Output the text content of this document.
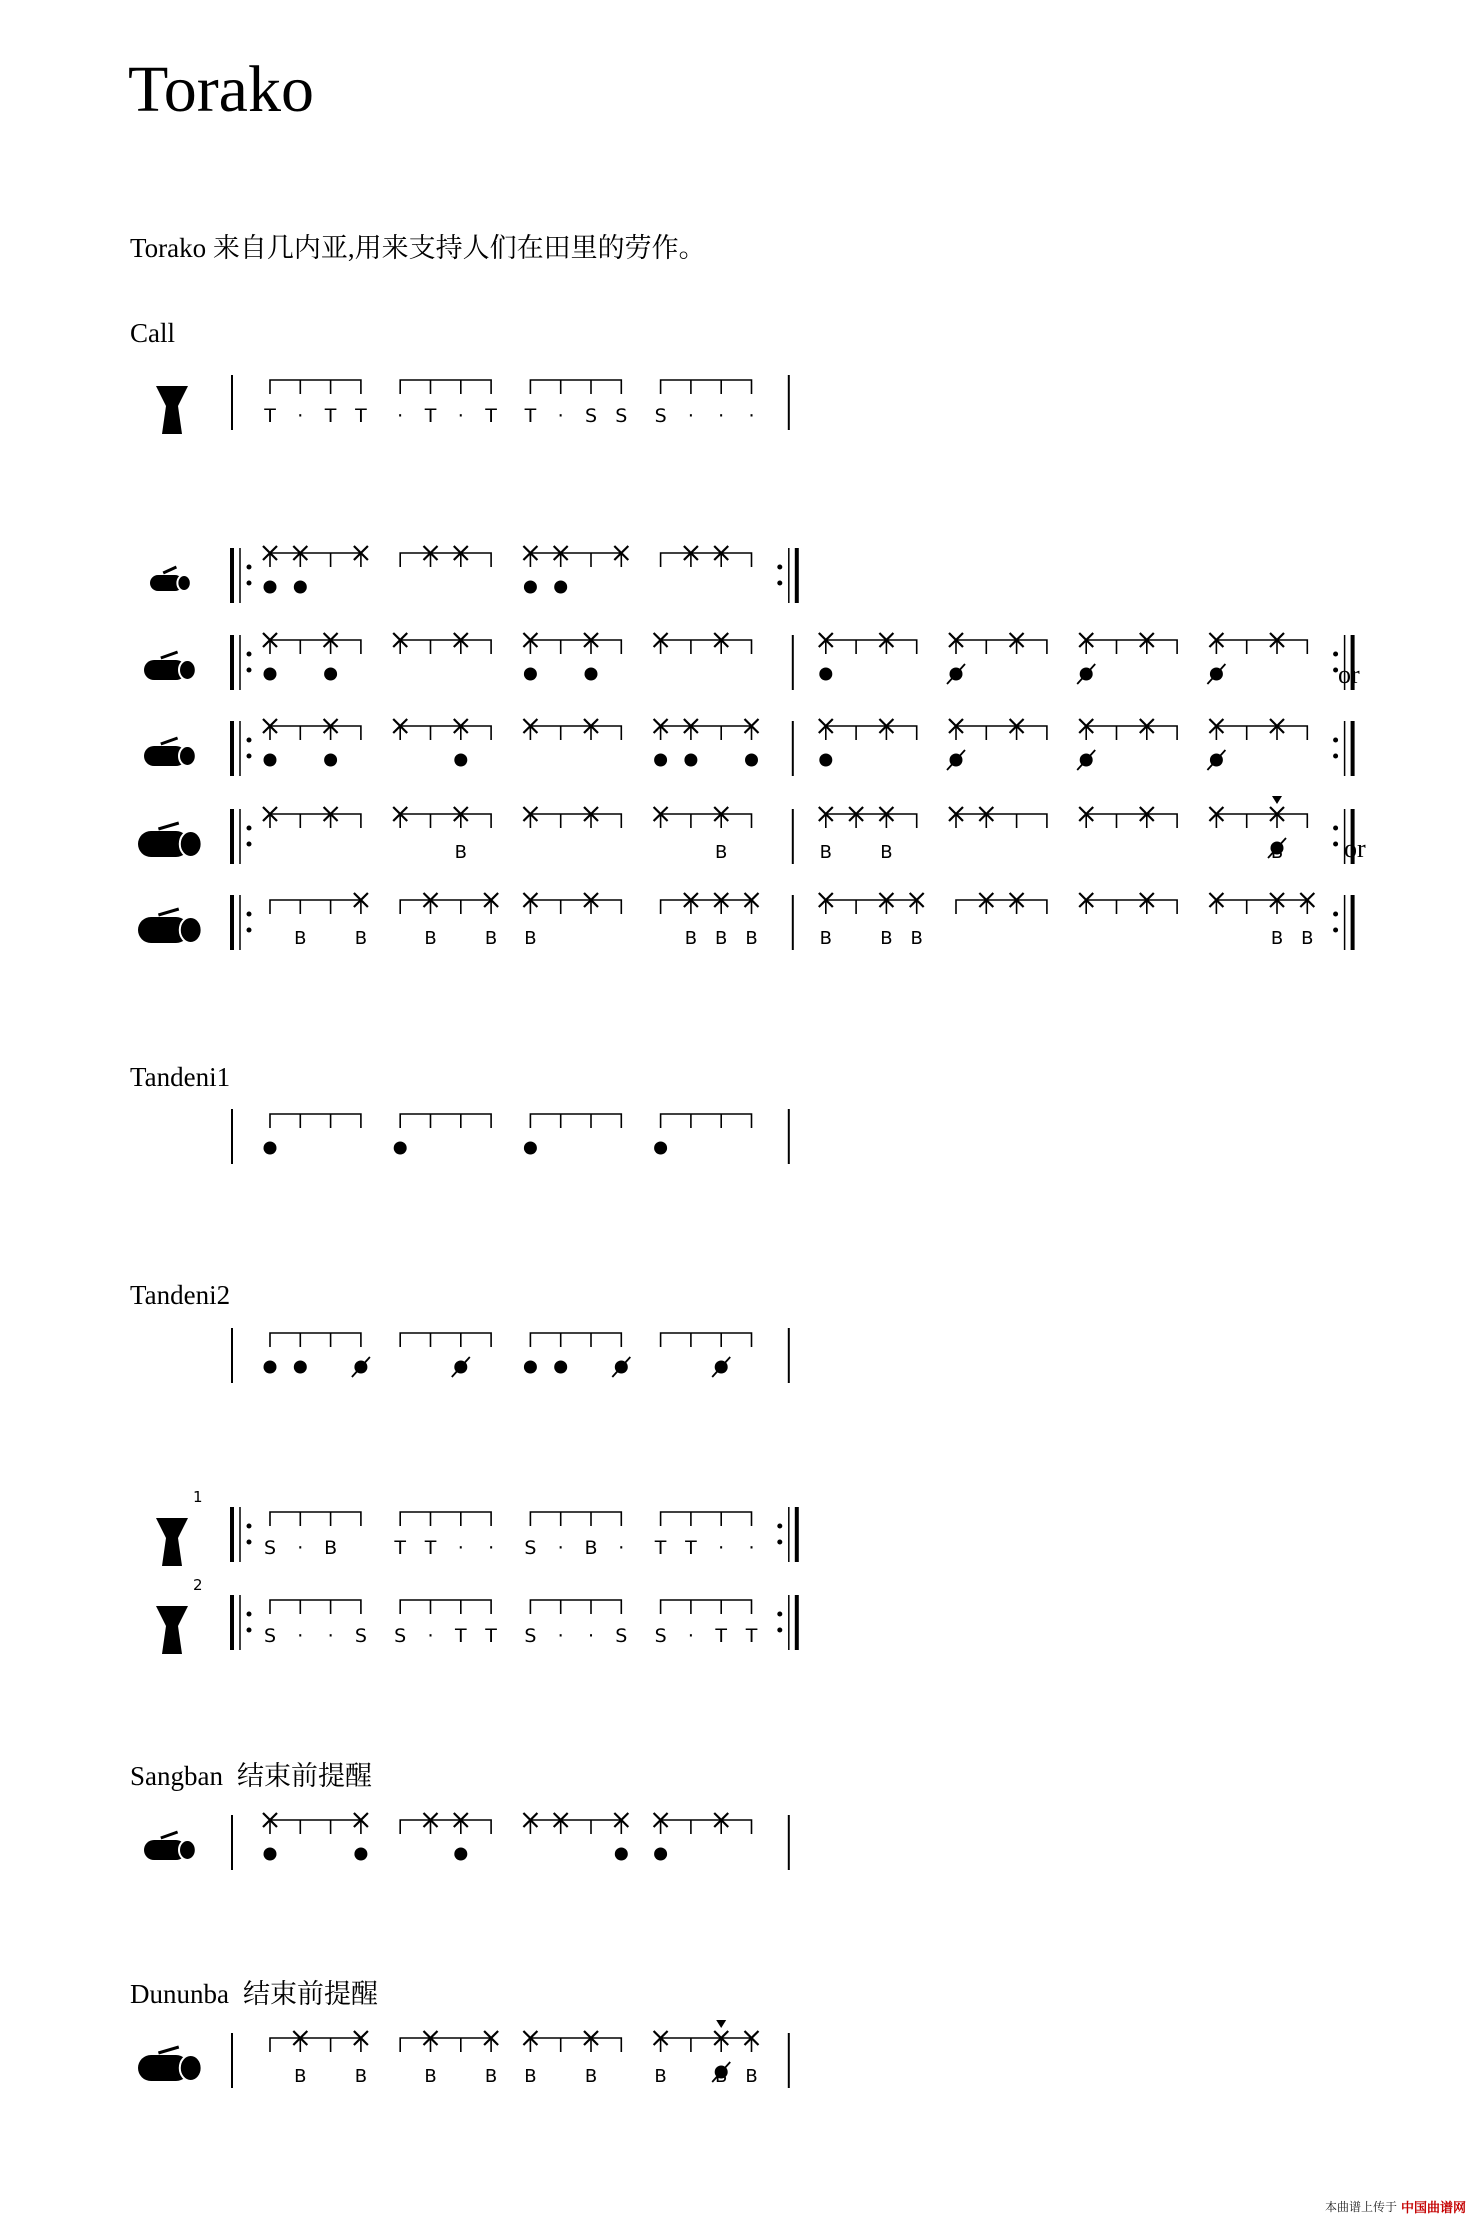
Torako
Torako 来自几内亚,用来支持人们在田里的劳作。
Call
Tandeni1
Tandeni2
Sangban 结束前提醒
Dununba 结束前提醒
or
or
T · T T · T · T T · S S S · · ·
B	B	B	B	B
B	B	B	B B	B B B	B	B B	B B
1
S · B	T T · · S · B · T T · ·
2
S · · S S · T T S · · S S · T T
B	B	B	B B	B	B	B B
本曲谱上传于 中国曲谱网
